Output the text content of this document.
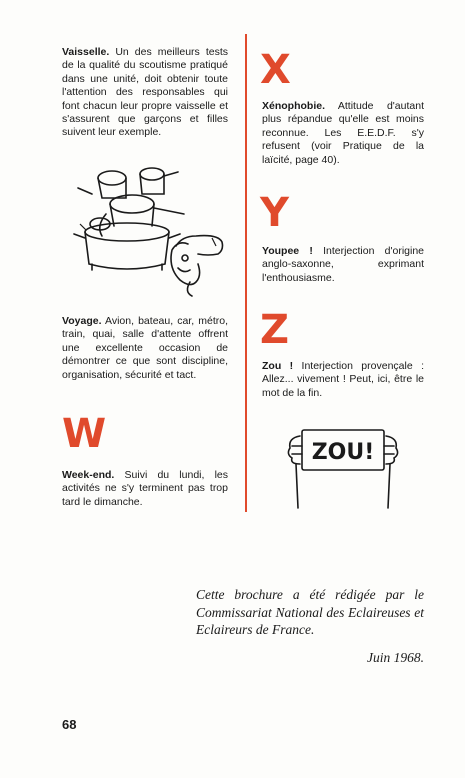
Vaisselle. Un des meilleurs tests de la qualité du scoutisme pratiqué dans une unité, doit obtenir toute l'attention des responsables qui font chacun leur propre vaisselle et s'assurent que garçons et filles suivent leur exemple.
Voyage. Avion, bateau, car, métro, train, quai, salle d'attente offrent une excellente occasion de démontrer ce que sont discipline, organisation, sécurité et tact.
W
Week-end. Suivi du lundi, les activités ne s'y terminent pas trop tard le dimanche.
X
Xénophobie. Attitude d'autant plus répandue qu'elle est moins reconnue. Les E.E.D.F. s'y refusent (voir Pratique de la laïcité, page 40).
Y
Youpee ! Interjection d'origine anglo-saxonne, exprimant l'enthousiasme.
Z
Zou ! Interjection provençale : Allez... vivement ! Peut, ici, être le mot de la fin.
ZOU!
Cette brochure a été rédigée par le Commissariat National des Eclaireuses et Eclaireurs de France.
Juin 1968.
68
